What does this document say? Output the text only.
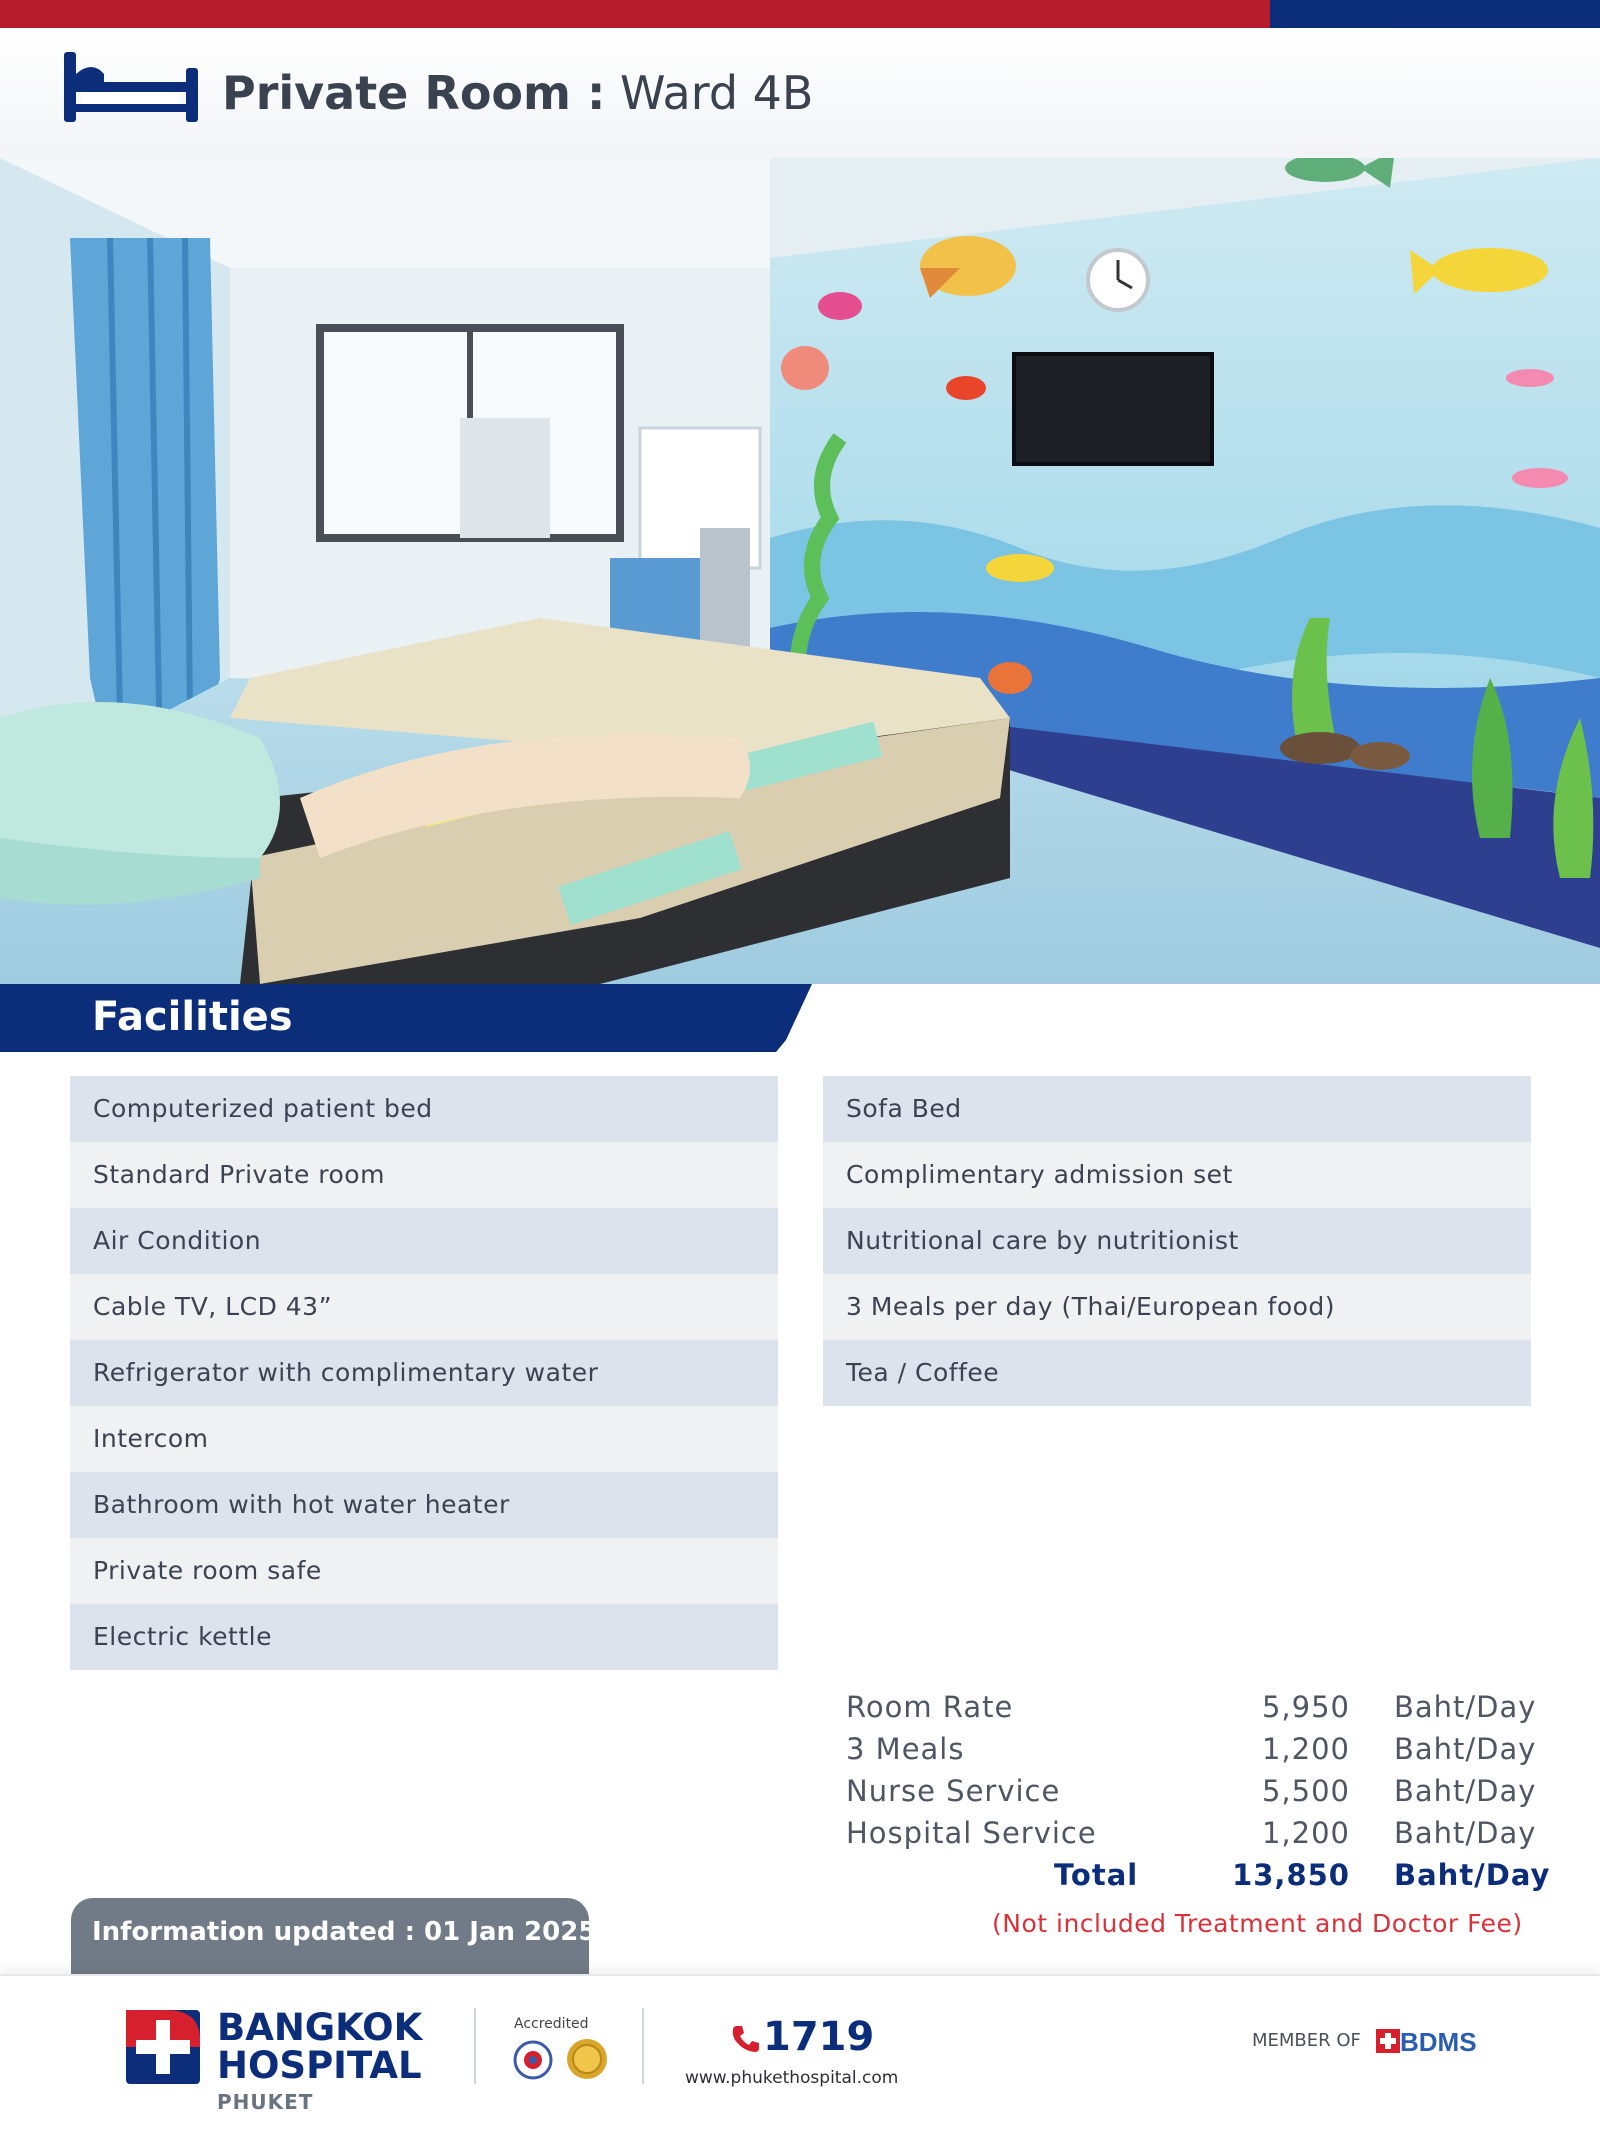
Private Room : Ward 4B
Facilities
Computerized patient bed
Standard Private room
Air Condition
Cable TV, LCD 43”
Refrigerator with complimentary water
Intercom
Bathroom with hot water heater
Private room safe
Electric kettle
Sofa Bed
Complimentary admission set
Nutritional care by nutritionist
3 Meals per day (Thai/European food)
Tea / Coffee
Room Rate	5,950 Baht/Day
3 Meals	1,200 Baht/Day
Nurse Service	5,500 Baht/Day
Hospital Service	1,200 Baht/Day
Total	13,850 Baht/Day
(Not included Treatment and Doctor Fee)
Information updated : 01 Jan 2025
BANGKOK
HOSPITAL
PHUKET
Accredited	1719
www.phukethospital.com
MEMBER OF BDMS
